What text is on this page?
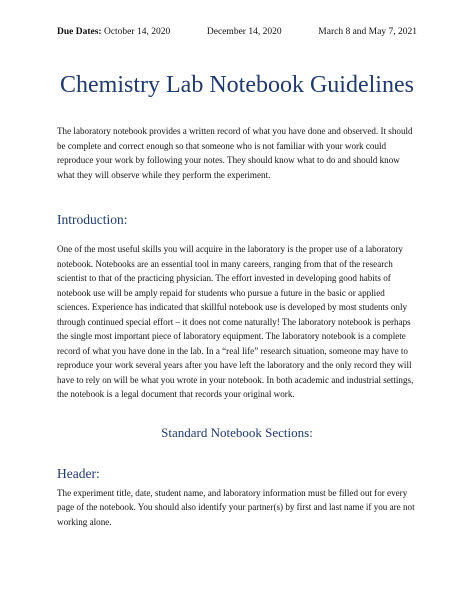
Due Dates: October 14, 2020	December 14, 2020	March 8 and May 7, 2021
Chemistry Lab Notebook Guidelines

The laboratory notebook provides a written record of what you have done and observed. It should be complete and correct enough so that someone who is not familiar with your work could reproduce your work by following your notes. They should know what to do and should know what they will observe while they perform the experiment.

Introduction:

One of the most useful skills you will acquire in the laboratory is the proper use of a laboratory notebook. Notebooks are an essential tool in many careers, ranging from that of the research scientist to that of the practicing physician. The effort invested in developing good habits of notebook use will be amply repaid for students who pursue a future in the basic or applied sciences. Experience has indicated that skillful notebook use is developed by most students only through continued special effort – it does not come naturally! The laboratory notebook is perhaps the single most important piece of laboratory equipment. The laboratory notebook is a complete record of what you have done in the lab. In a “real life” research situation, someone may have to reproduce your work several years after you have left the laboratory and the only record they will have to rely on will be what you wrote in your notebook. In both academic and industrial settings, the notebook is a legal document that records your original work.

Standard Notebook Sections:
Header:

The experiment title, date, student name, and laboratory information must be filled out for every page of the notebook. You should also identify your partner(s) by first and last name if you are not working alone.
